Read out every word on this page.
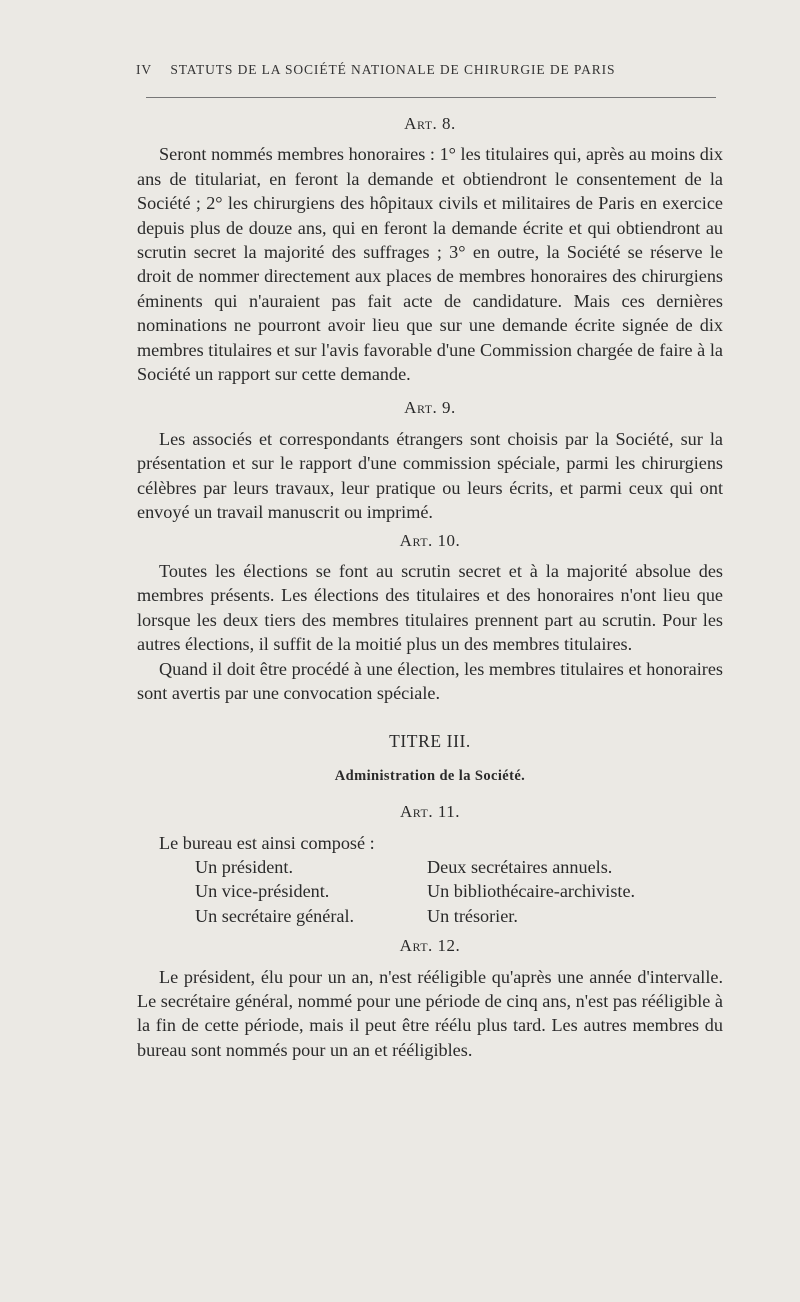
IV STATUTS DE LA SOCIÉTÉ NATIONALE DE CHIRURGIE DE PARIS
Art. 8.

Seront nommés membres honoraires : 1° les titulaires qui, après au moins dix ans de titulariat, en feront la demande et obtiendront le consentement de la Société ; 2° les chirurgiens des hôpitaux civils et militaires de Paris en exercice depuis plus de douze ans, qui en feront la demande écrite et qui obtiendront au scrutin secret la majorité des suffrages ; 3° en outre, la Société se réserve le droit de nommer directement aux places de membres honoraires des chirurgiens éminents qui n'auraient pas fait acte de candidature. Mais ces dernières nominations ne pourront avoir lieu que sur une demande écrite signée de dix membres titulaires et sur l'avis favorable d'une Commission chargée de faire à la Société un rapport sur cette demande.

Art. 9.

Les associés et correspondants étrangers sont choisis par la Société, sur la présentation et sur le rapport d'une commission spéciale, parmi les chirurgiens célèbres par leurs travaux, leur pratique ou leurs écrits, et parmi ceux qui ont envoyé un travail manuscrit ou imprimé.

Art. 10.

Toutes les élections se font au scrutin secret et à la majorité absolue des membres présents. Les élections des titulaires et des honoraires n'ont lieu que lorsque les deux tiers des membres titulaires prennent part au scrutin. Pour les autres élections, il suffit de la moitié plus un des membres titulaires.

Quand il doit être procédé à une élection, les membres titulaires et honoraires sont avertis par une convocation spéciale.

TITRE III.
Administration de la Société.
Art. 11.

Le bureau est ainsi composé :

Un président.	Deux secrétaires annuels.
Un vice-président.	Un bibliothécaire-archiviste.
Un secrétaire général.	Un trésorier.
Art. 12.

Le président, élu pour un an, n'est rééligible qu'après une année d'intervalle. Le secrétaire général, nommé pour une période de cinq ans, n'est pas rééligible à la fin de cette période, mais il peut être réélu plus tard. Les autres membres du bureau sont nommés pour un an et rééligibles.
